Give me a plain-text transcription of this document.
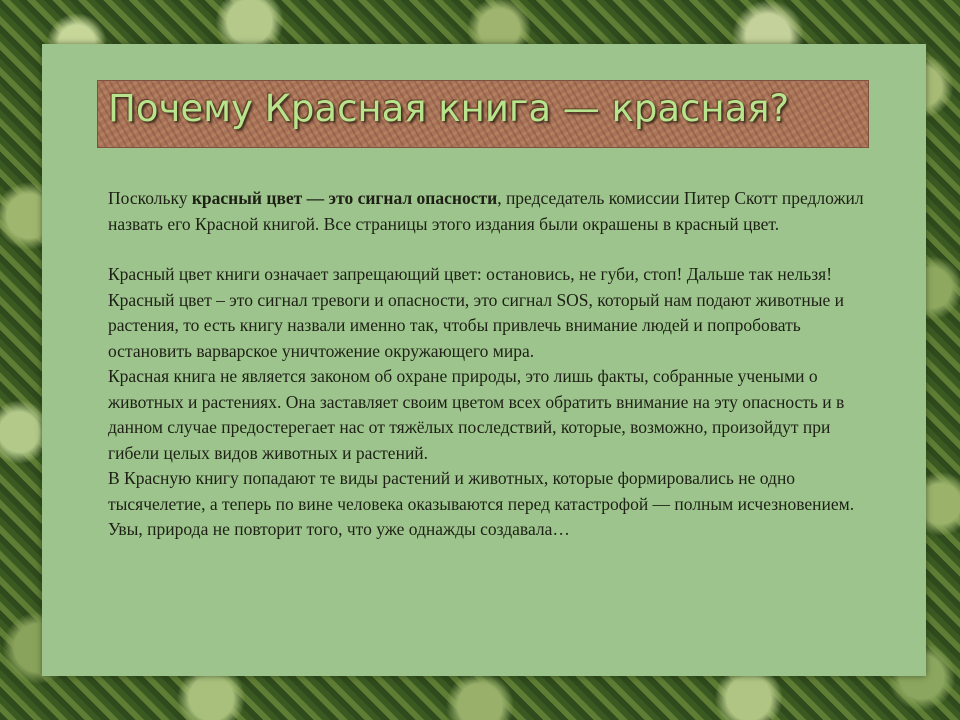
Почему Красная книга — красная?

Поскольку красный цвет — это сигнал опасности, председатель комиссии Питер Скотт предложил назвать его Красной книгой. Все страницы этого издания были окрашены в красный цвет.

Красный цвет книги означает запрещающий цвет: остановись, не губи, стоп! Дальше так нельзя! Красный цвет – это сигнал тревоги и опасности, это сигнал SOS, который нам подают животные и растения, то есть книгу назвали именно так, чтобы привлечь внимание людей и попробовать остановить варварское уничтожение окружающего мира.

Красная книга не является законом об охране природы, это лишь факты, собранные учеными о животных и растениях. Она заставляет своим цветом всех обратить внимание на эту опасность и в данном случае предостерегает нас от тяжёлых последствий, которые, возможно, произойдут при гибели целых видов животных и растений.

В Красную книгу попадают те виды растений и животных, которые формировались не одно тысячелетие, а теперь по вине человека оказываются перед катастрофой — полным исчезновением. Увы, природа не повторит того, что уже однажды создавала…
